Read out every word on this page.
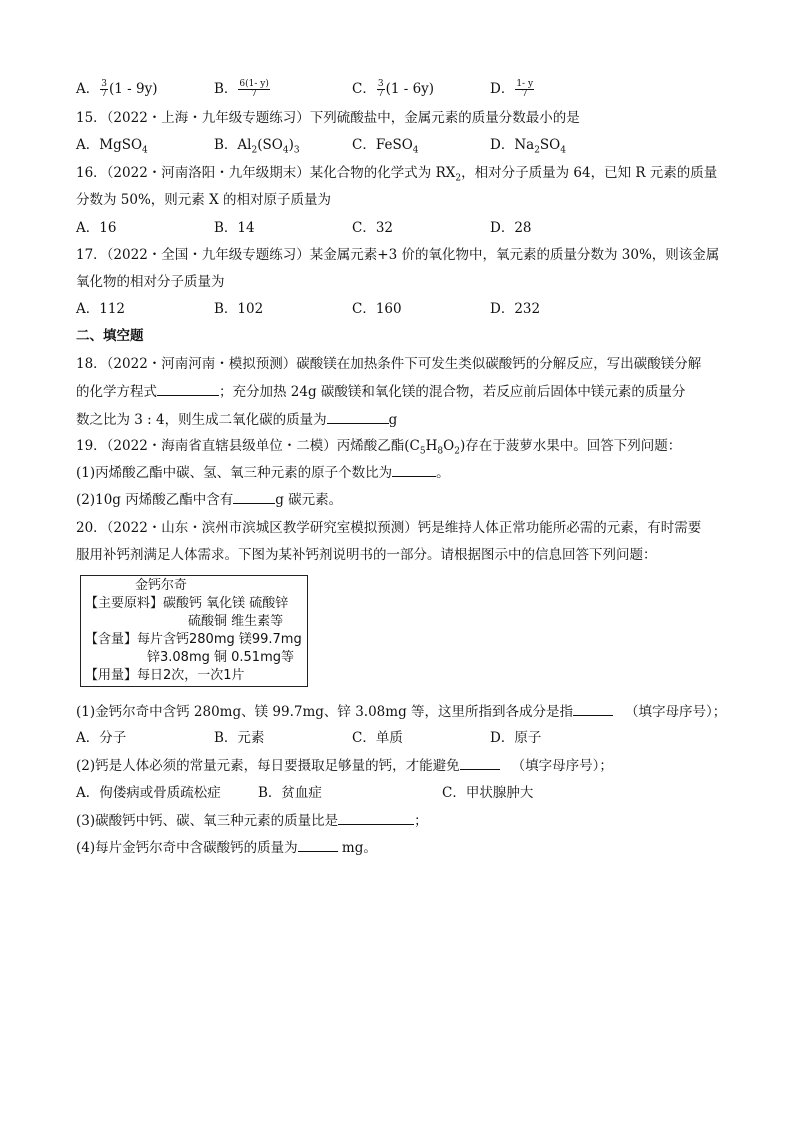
A． $\frac{3}{7} (1 - 9y)$	B． $\frac{6(1- y)}{7}$	C． $\frac{3}{7} (1 - 6y)$	D． $\frac{1- y}{7}$
15．（2022・上海・九年级专题练习）下列硫酸盐中，金属元素的质量分数最小的是
A．MgSO$_4$	B．$Al_2(SO_4)_3$	C．FeSO$_4$	D．$Na_2SO_4$
16．（2022・河南洛阳・九年级期末）某化合物的化学式为 $RX_2$，相对分子质量为 64，已知 R 元素的质量
分数为 50%，则元素 X 的相对原子质量为
A．16	B．14	C．32	D．28
17．（2022・全国・九年级专题练习）某金属元素+3 价的氧化物中，氧元素的质量分数为 30%，则该金属
氧化物的相对分子质量为
A．112	B．102	C．160	D．232
二、填空题
18．（2022・河南河南・模拟预测）碳酸镁在加热条件下可发生类似碳酸钙的分解反应，写出碳酸镁分解
的化学方程式	；充分加热 24g 碳酸镁和氧化镁的混合物，若反应前后固体中镁元素的质量分
数之比为 3 : 4，则生成二氧化碳的质量为	g
19．（2022・海南省直辖县级单位・二模）丙烯酸乙酯$(C_5H_8O_2)$存在于菠萝水果中。回答下列问题：
(1)丙烯酸乙酯中碳、氢、氧三种元素的原子个数比为	。
(2)10g 丙烯酸乙酯中含有	g 碳元素。
20．（2022・山东・滨州市滨城区教学研究室模拟预测）钙是维持人体正常功能所必需的元素，有时需要
服用补钙剂满足人体需求。下图为某补钙剂说明书的一部分。请根据图示中的信息回答下列问题：
金钙尔奇
【主要原料】碳酸钙 氧化镁 硫酸锌
硫酸铜 维生素等
【含量】每片含钙280mg 镁99.7mg
锌3.08mg 铜 0.51mg等
【用量】每日2次，一次1片
(1)金钙尔奇中含钙 280mg、镁 99.7mg、锌 3.08mg 等，这里所指到各成分是指	（填字母序号）；
A．分子	B．元素	C．单质	D．原子
(2)钙是人体必须的常量元素，每日要摄取足够量的钙，才能避免	（填字母序号）；
A．佝偻病或骨质疏松症	B．贫血症	C．甲状腺肿大
(3)碳酸钙中钙、碳、氧三种元素的质量比是	；
(4)每片金钙尔奇中含碳酸钙的质量为	mg。
